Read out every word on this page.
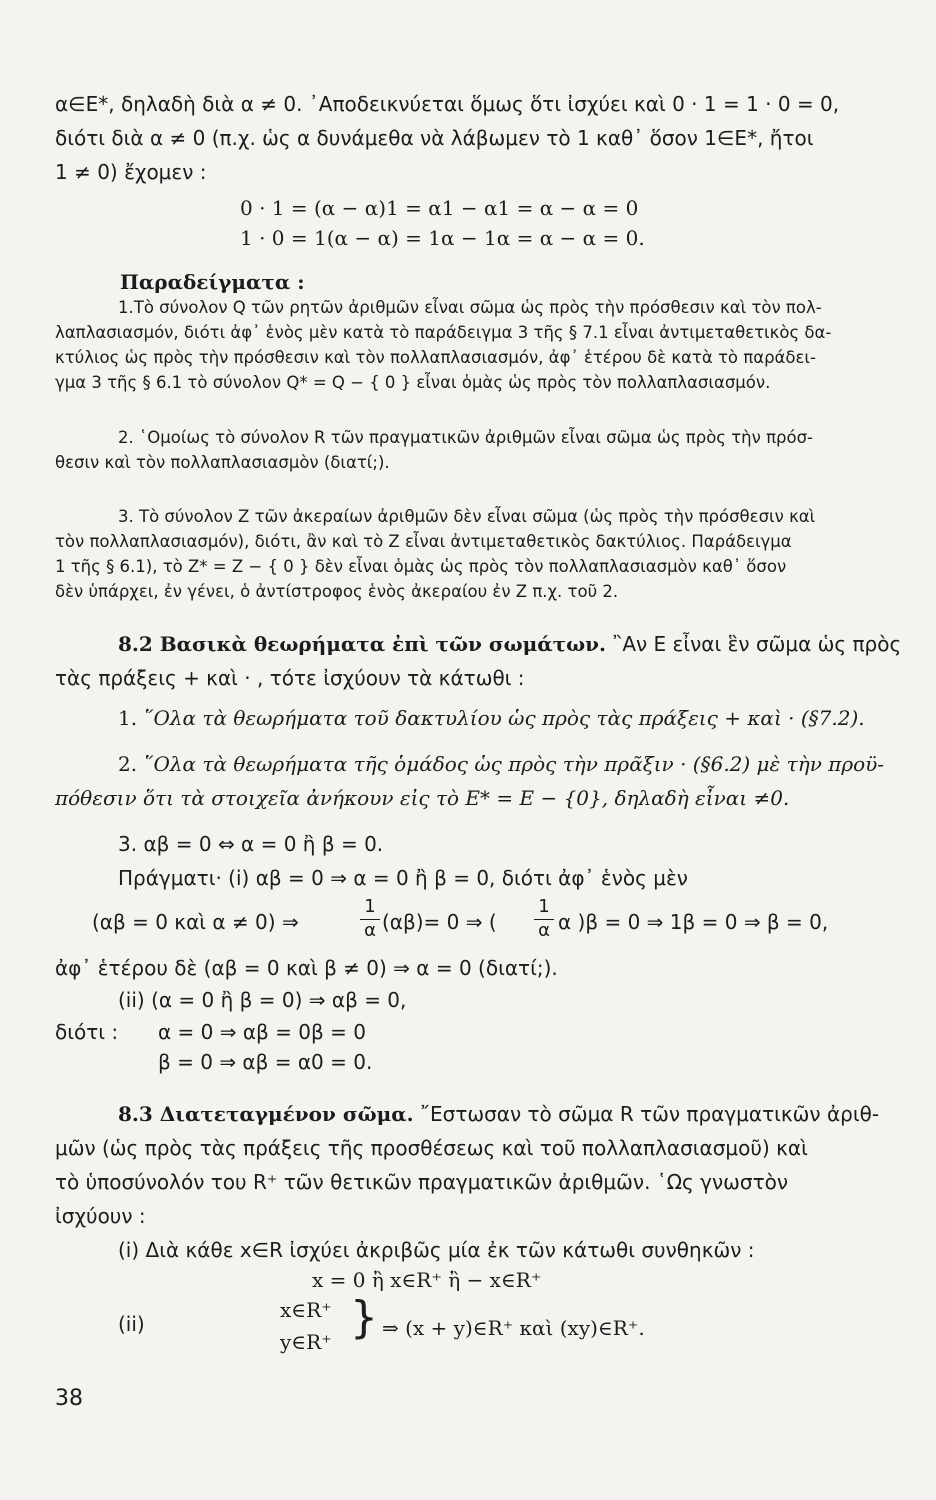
α∈E*, δηλαδὴ διὰ α ≠ 0. ᾽Αποδεικνύεται ὅμως ὅτι ἰσχύει καὶ 0 · 1 = 1 · 0 = 0,
διότι διὰ α ≠ 0 (π.χ. ὡς α δυνάμεθα νὰ λάβωμεν τὸ 1 καθ᾽ ὅσον 1∈E*, ἤτοι
1 ≠ 0) ἔχομεν :
0 · 1 = (α − α)1 = α1 − α1 = α − α = 0
1 · 0 = 1(α − α) = 1α − 1α = α − α = 0.
Παραδείγματα :
1.Τὸ σύνολον Q τῶν ρητῶν ἀριθμῶν εἶναι σῶμα ὡς πρὸς τὴν πρόσθεσιν καὶ τὸν πολ-
λαπλασιασμόν, διότι ἀφ᾽ ἑνὸς μὲν κατὰ τὸ παράδειγμα 3 τῆς § 7.1 εἶναι ἀντιμεταθετικὸς δα-
κτύλιος ὡς πρὸς τὴν πρόσθεσιν καὶ τὸν πολλαπλασιασμόν, ἀφ᾽ ἑτέρου δὲ κατὰ τὸ παράδει-
γμα 3 τῆς § 6.1 τὸ σύνολον Q* = Q − { 0 } εἶναι ὁμὰς ὡς πρὸς τὸν πολλαπλασιασμόν.
2. ῾Ομοίως τὸ σύνολον R τῶν πραγματικῶν ἀριθμῶν εἶναι σῶμα ὡς πρὸς τὴν πρόσ-
θεσιν καὶ τὸν πολλαπλασιασμὸν (διατί;).
3. Τὸ σύνολον Z τῶν ἀκεραίων ἀριθμῶν δὲν εἶναι σῶμα (ὡς πρὸς τὴν πρόσθεσιν καὶ
τὸν πολλαπλασιασμόν), διότι, ἂν καὶ τὸ Z εἶναι ἀντιμεταθετικὸς δακτύλιος. Παράδειγμα
1 τῆς § 6.1), τὸ Z* = Z − { 0 } δὲν εἶναι ὁμὰς ὡς πρὸς τὸν πολλαπλασιασμὸν καθ᾽ ὅσον
δὲν ὑπάρχει, ἐν γένει, ὁ ἀντίστροφος ἑνὸς ἀκεραίου ἐν Z π.χ. τοῦ 2.
8.2 Βασικὰ θεωρήματα ἐπὶ τῶν σωμάτων. ῍Αν E εἶναι ἓν σῶμα ὡς πρὸς
τὰς πράξεις + καὶ · , τότε ἰσχύουν τὰ κάτωθι :
1. ῞Ολα τὰ θεωρήματα τοῦ δακτυλίου ὡς πρὸς τὰς πράξεις + καὶ · (§7.2).
2. ῞Ολα τὰ θεωρήματα τῆς ὁμάδος ὡς πρὸς τὴν πρᾶξιν · (§6.2) μὲ τὴν προϋ-
πόθεσιν ὅτι τὰ στοιχεῖα ἀνήκουν εἰς τὸ E* = E − {0}, δηλαδὴ εἶναι ≠0.
3. αβ = 0 ⇔ α = 0 ἢ β = 0.
Πράγματι· (i) αβ = 0 ⇒ α = 0 ἢ β = 0, διότι ἀφ᾽ ἑνὸς μὲν
(αβ = 0 καὶ α ≠ 0) ⇒
1
α (αβ)= 0 ⇒ (
1
α α )β = 0 ⇒ 1β = 0 ⇒ β = 0,
ἀφ᾽ ἑτέρου δὲ (αβ = 0 καὶ β ≠ 0) ⇒ α = 0 (διατί;).
(ii) (α = 0 ἢ β = 0) ⇒ αβ = 0,
διότι : α = 0 ⇒ αβ = 0β = 0
β = 0 ⇒ αβ = α0 = 0.
8.3 Διατεταγμένον σῶμα. ῎Εστωσαν τὸ σῶμα R τῶν πραγματικῶν ἀριθ-
μῶν (ὡς πρὸς τὰς πράξεις τῆς προσθέσεως καὶ τοῦ πολλαπλασιασμοῦ) καὶ
τὸ ὑποσύνολόν του R⁺ τῶν θετικῶν πραγματικῶν ἀριθμῶν. ῾Ως γνωστὸν
ἰσχύουν :
(i) Διὰ κάθε x∈R ἰσχύει ἀκριβῶς μία ἐκ τῶν κάτωθι συνθηκῶν :
x = 0 ἢ x∈R⁺ ἢ − x∈R⁺
(ii)
x∈R⁺
y∈R⁺ } ⇒ (x + y)∈R⁺ καὶ (xy)∈R⁺.
38
